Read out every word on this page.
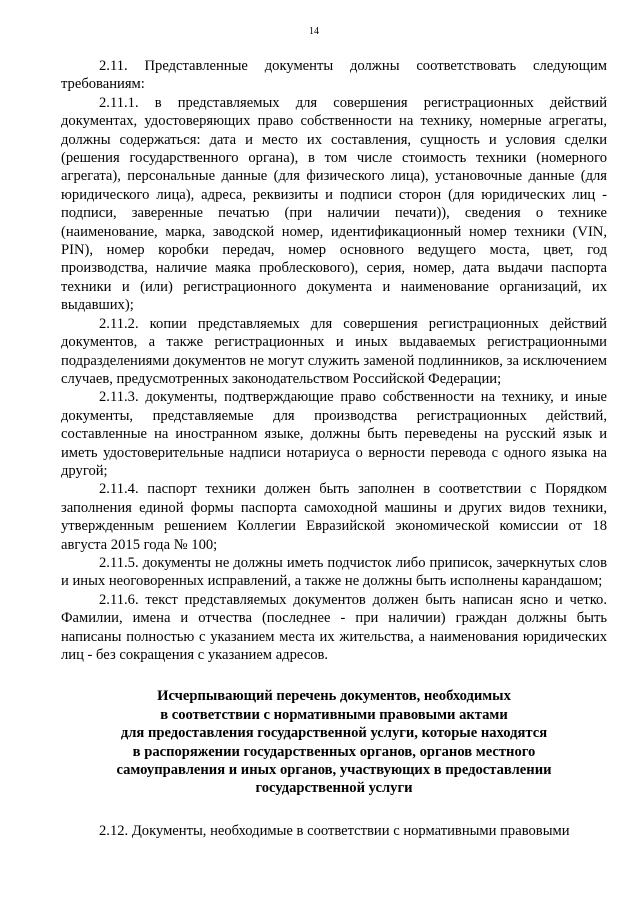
14

2.11. Представленные документы должны соответствовать следующим требованиям:

2.11.1. в представляемых для совершения регистрационных действий документах, удостоверяющих право собственности на технику, номерные агрегаты, должны содержаться: дата и место их составления, сущность и условия сделки (решения государственного органа), в том числе стоимость техники (номерного агрегата), персональные данные (для физического лица), установочные данные (для юридического лица), адреса, реквизиты и подписи сторон (для юридических лиц - подписи, заверенные печатью (при наличии печати)), сведения о технике (наименование, марка, заводской номер, идентификационный номер техники (VIN, PIN), номер коробки передач, номер основного ведущего моста, цвет, год производства, наличие маяка проблескового), серия, номер, дата выдачи паспорта техники и (или) регистрационного документа и наименование организаций, их выдавших);

2.11.2. копии представляемых для совершения регистрационных действий документов, а также регистрационных и иных выдаваемых регистрационными подразделениями документов не могут служить заменой подлинников, за исключением случаев, предусмотренных законодательством Российской Федерации;

2.11.3. документы, подтверждающие право собственности на технику, и иные документы, представляемые для производства регистрационных действий, составленные на иностранном языке, должны быть переведены на русский язык и иметь удостоверительные надписи нотариуса о верности перевода с одного языка на другой;

2.11.4. паспорт техники должен быть заполнен в соответствии с Порядком заполнения единой формы паспорта самоходной машины и других видов техники, утвержденным решением Коллегии Евразийской экономической комиссии от 18 августа 2015 года № 100;

2.11.5. документы не должны иметь подчисток либо приписок, зачеркнутых слов и иных неоговоренных исправлений, а также не должны быть исполнены карандашом;

2.11.6. текст представляемых документов должен быть написан ясно и четко. Фамилии, имена и отчества (последнее - при наличии) граждан должны быть написаны полностью с указанием места их жительства, а наименования юридических лиц - без сокращения с указанием адресов.

Исчерпывающий перечень документов, необходимых
в соответствии с нормативными правовыми актами
для предоставления государственной услуги, которые находятся
в распоряжении государственных органов, органов местного
самоуправления и иных органов, участвующих в предоставлении
государственной услуги

2.12. Документы, необходимые в соответствии с нормативными правовыми
